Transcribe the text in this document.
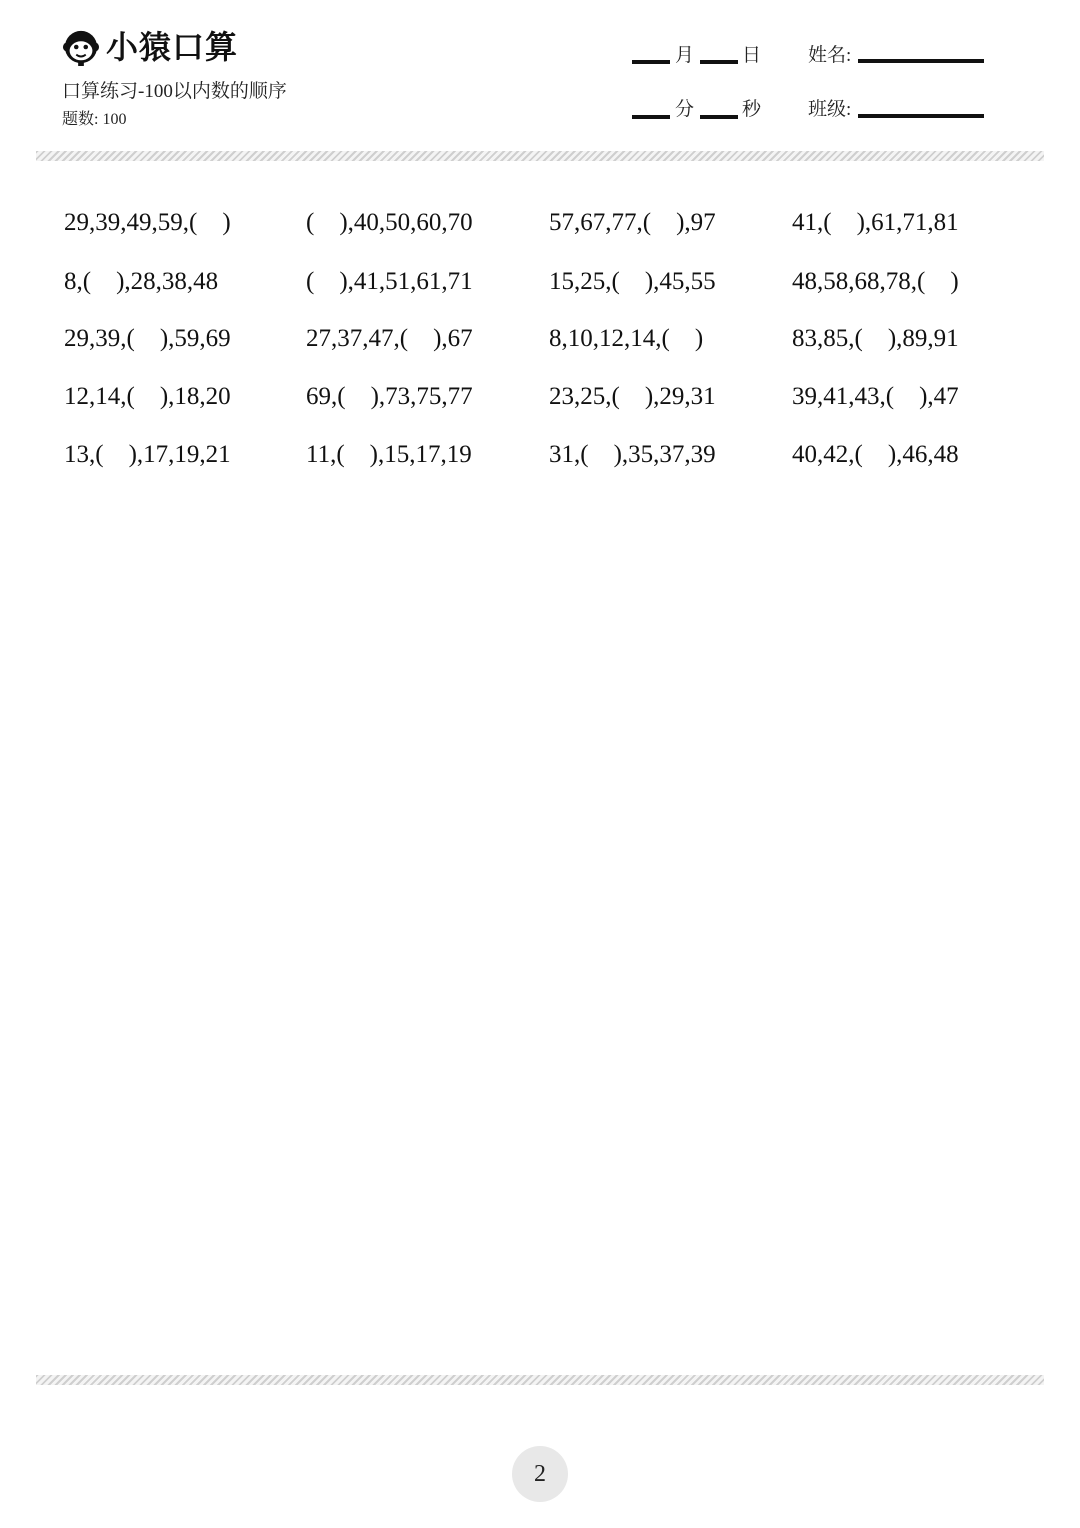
小猿口算
口算练习-100以内数的顺序
题数: 100
月	日 姓名:
分	秒 班级:
29,39,49,59,(    )	(    ),40,50,60,70	57,67,77,(    ),97	41,(    ),61,71,81
8,(    ),28,38,48	(    ),41,51,61,71	15,25,(    ),45,55	48,58,68,78,(    )
29,39,(    ),59,69	27,37,47,(    ),67	8,10,12,14,(    )	83,85,(    ),89,91
12,14,(    ),18,20	69,(    ),73,75,77	23,25,(    ),29,31	39,41,43,(    ),47
13,(    ),17,19,21	11,(    ),15,17,19	31,(    ),35,37,39	40,42,(    ),46,48
2
